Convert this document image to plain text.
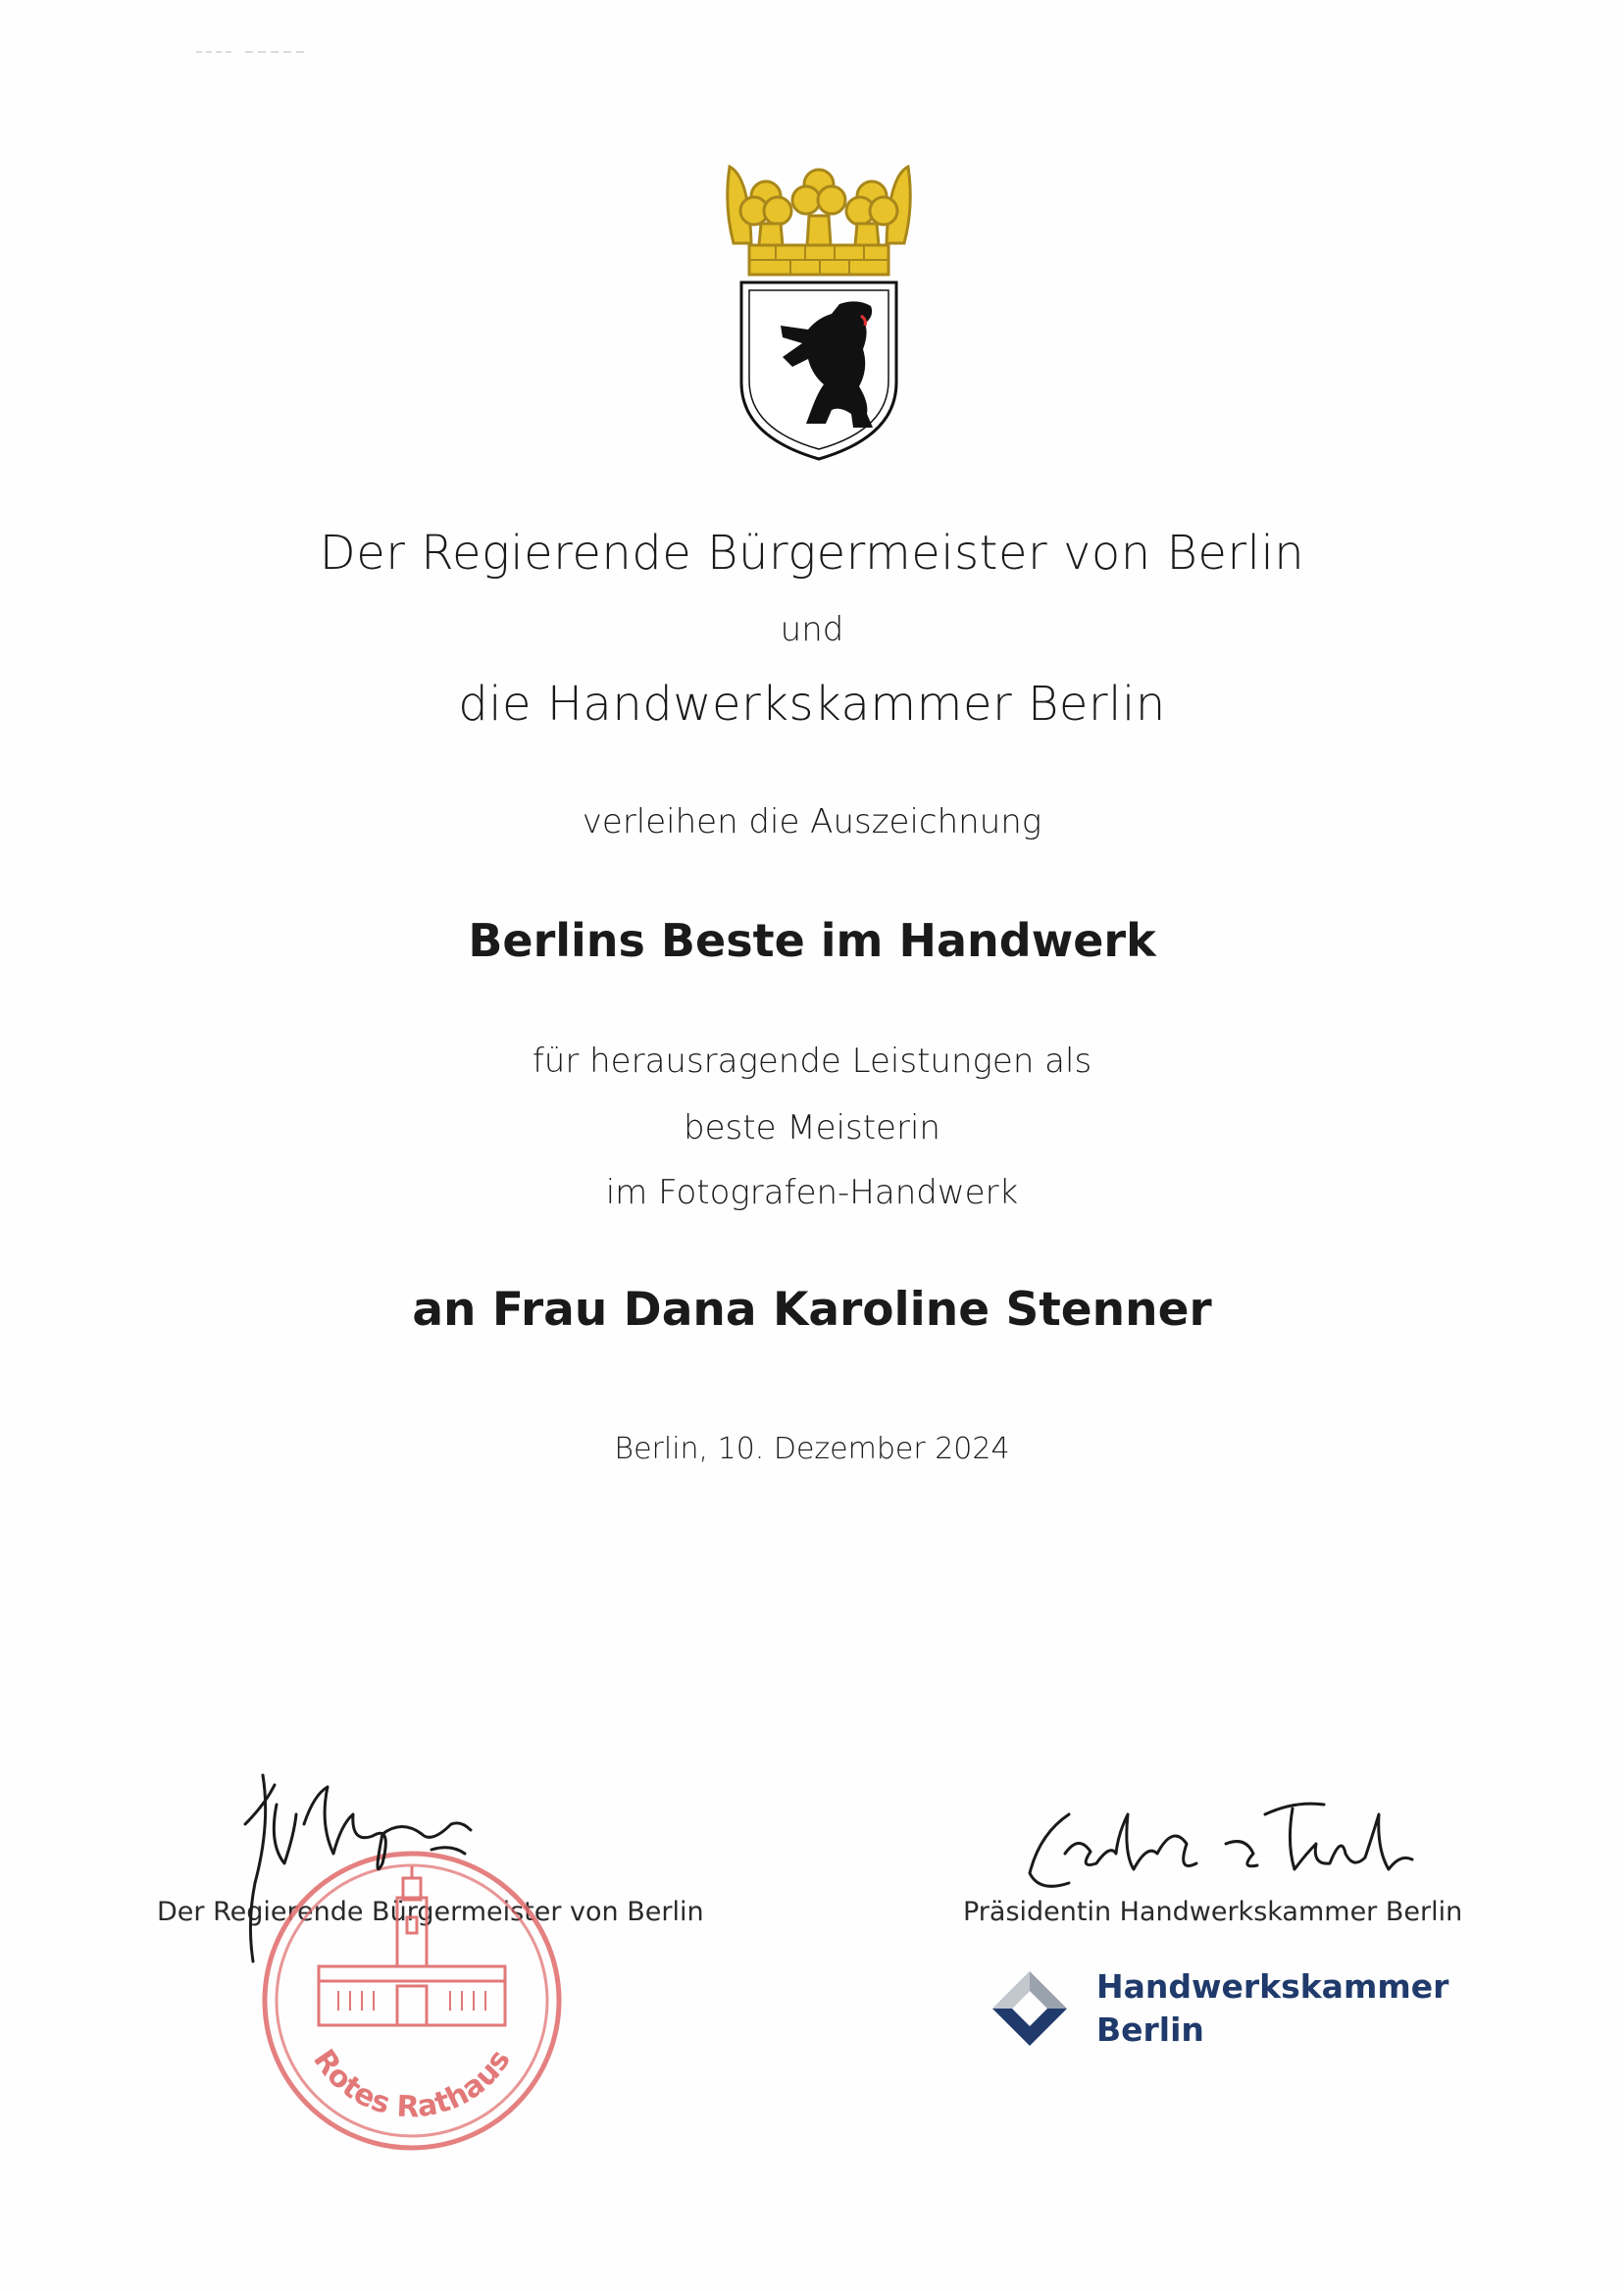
Der Regierende Bürgermeister von Berlin
und
die Handwerkskammer Berlin
verleihen die Auszeichnung
Berlins Beste im Handwerk
für herausragende Leistungen als
beste Meisterin
im Fotografen-Handwerk
an Frau Dana Karoline Stenner
Berlin, 10. Dezember 2024
Der Regierende Bürgermeister von Berlin
Rotes Rathaus
Präsidentin Handwerkskammer Berlin
Handwerkskammer
Berlin
